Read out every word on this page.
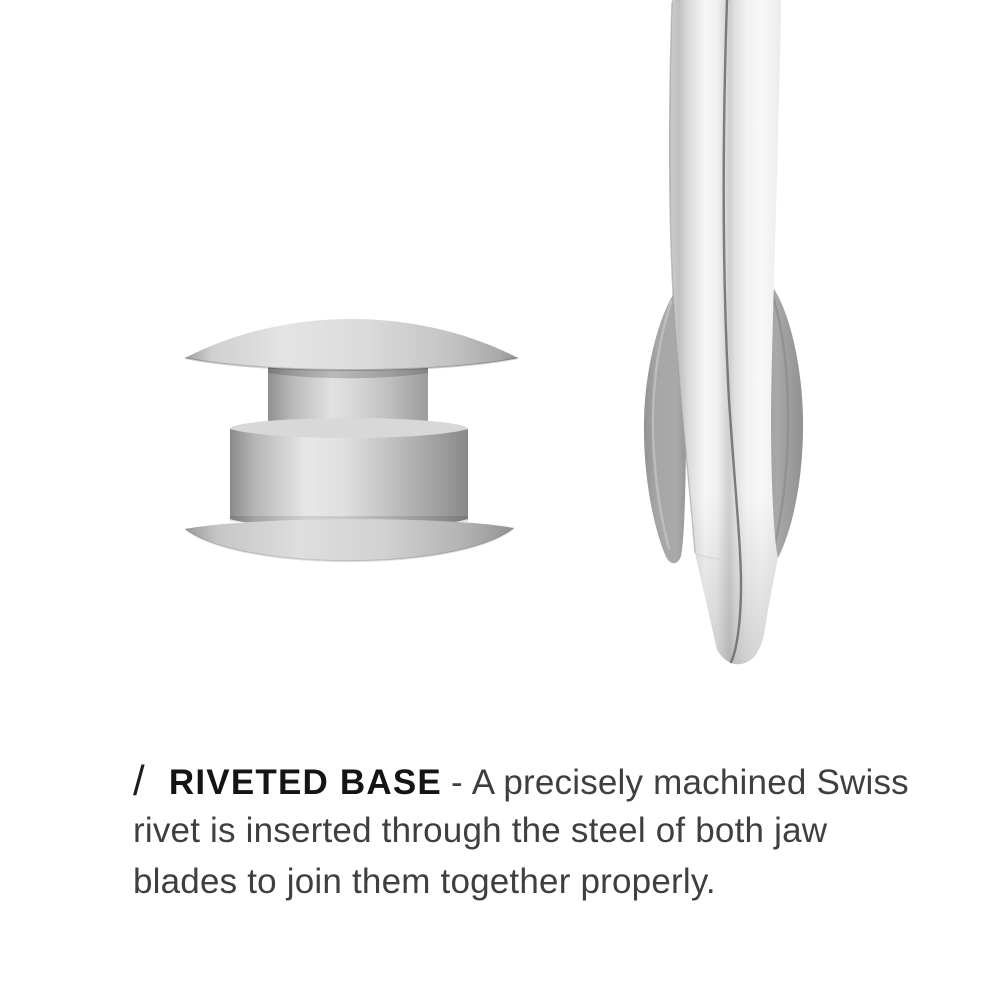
/ RIVETED BASE - A precisely machined Swiss
rivet is inserted through the steel of both jaw
blades to join them together properly.
